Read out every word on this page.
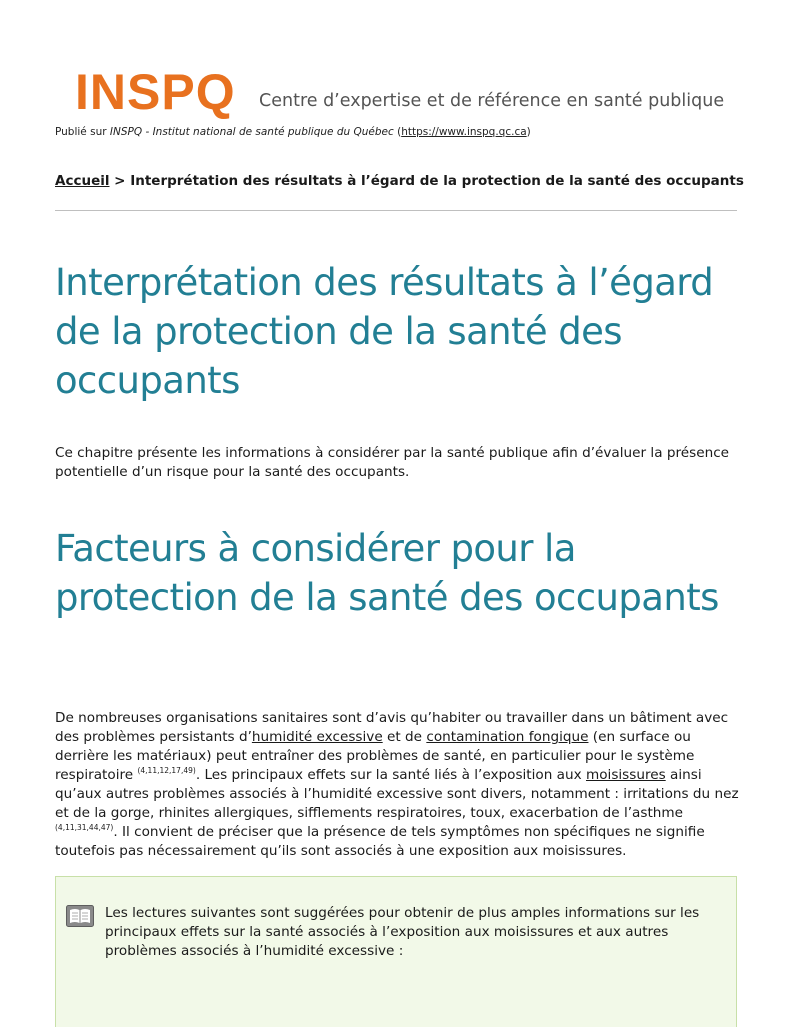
INSPQ Centre d’expertise et de référence en santé publique
Publié sur INSPQ - Institut national de santé publique du Québec (https://www.inspq.qc.ca)
Accueil > Interprétation des résultats à l’égard de la protection de la santé des occupants
Interprétation des résultats à l’égard de la protection de la santé des occupants

Ce chapitre présente les informations à considérer par la santé publique afin d’évaluer la présence potentielle d’un risque pour la santé des occupants.

Facteurs à considérer pour la protection de la santé des occupants

De nombreuses organisations sanitaires sont d’avis qu’habiter ou travailler dans un bâtiment avec des problèmes persistants d’humidité excessive et de contamination fongique (en surface ou derrière les matériaux) peut entraîner des problèmes de santé, en particulier pour le système respiratoire $^{(4,11,12,17,49)}$. Les principaux effets sur la santé liés à l’exposition aux moisissures ainsi qu’aux autres problèmes associés à l’humidité excessive sont divers, notamment : irritations du nez et de la gorge, rhinites allergiques, sifflements respiratoires, toux, exacerbation de l’asthme $^{(4,11,31,44,47)}$. Il convient de préciser que la présence de tels symptômes non spécifiques ne signifie toutefois pas nécessairement qu’ils sont associés à une exposition aux moisissures.

Les lectures suivantes sont suggérées pour obtenir de plus amples informations sur les principaux effets sur la santé associés à l’exposition aux moisissures et aux autres problèmes associés à l’humidité excessive :
